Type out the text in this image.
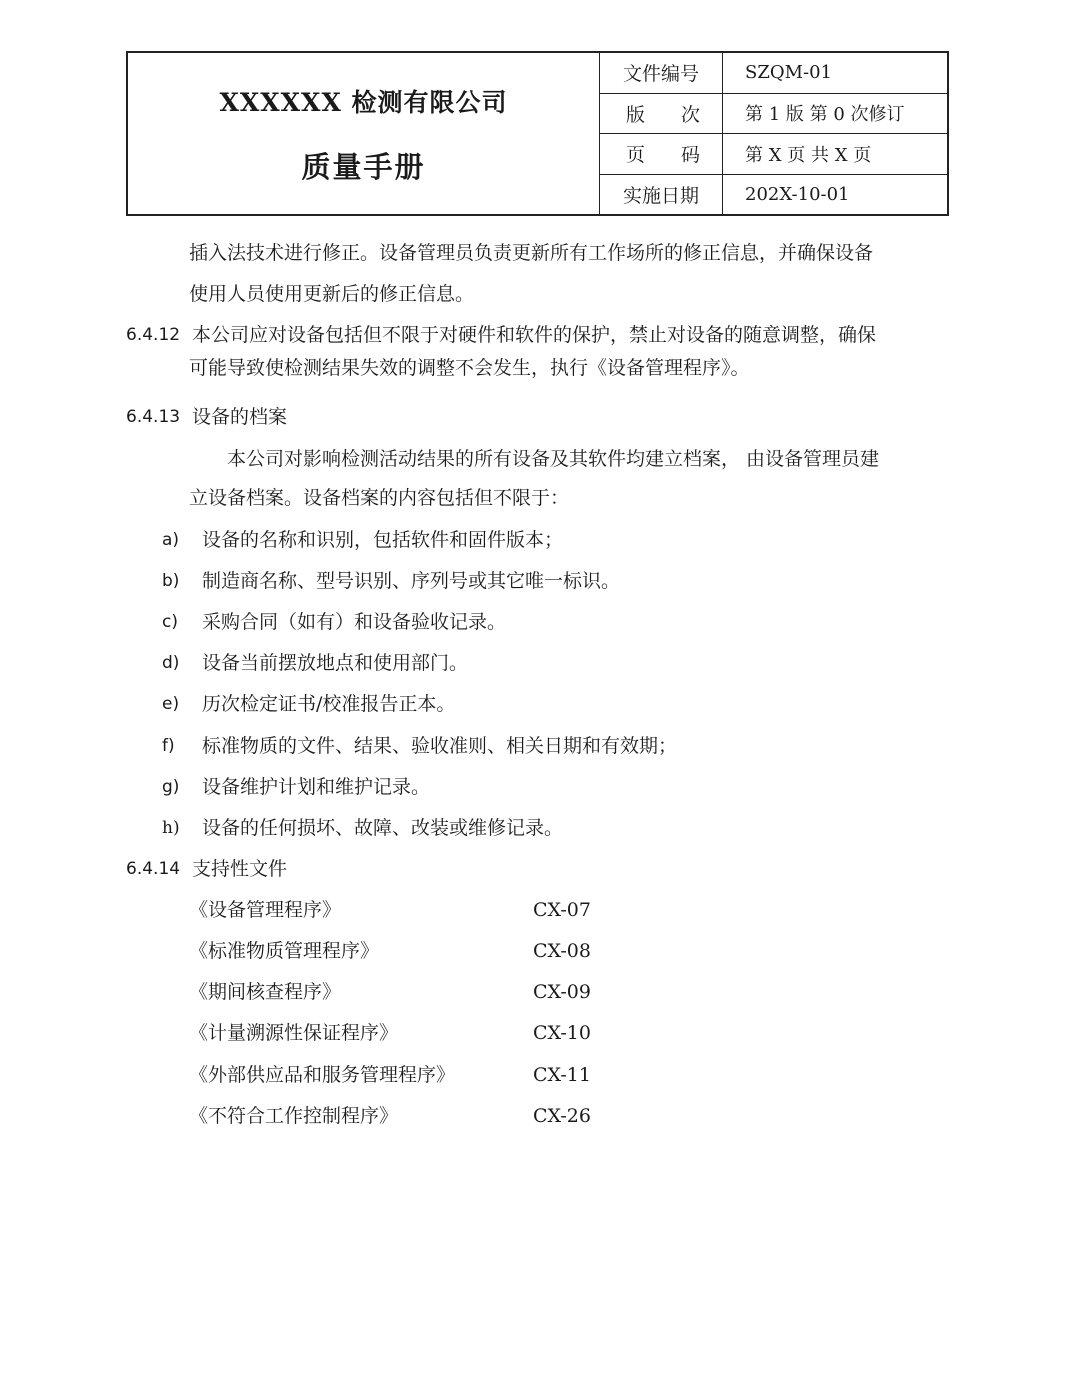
XXXXXX 检测有限公司
质量手册
文件编号	SZQM-01
版 次	第 1 版 第 0 次修订
页 码	第 X 页 共 X 页
实施日期	202X-10-01
插入法技术进行修正。设备管理员负责更新所有工作场所的修正信息，并确保设备
使用人员使用更新后的修正信息。
6.4.12 本公司应对设备包括但不限于对硬件和软件的保护，禁止对设备的随意调整，确保
可能导致使检测结果失效的调整不会发生，执行《设备管理程序》。
6.4.13 设备的档案
本公司对影响检测活动结果的所有设备及其软件均建立档案， 由设备管理员建
立设备档案。设备档案的内容包括但不限于：
a) 设备的名称和识别，包括软件和固件版本；
b) 制造商名称、型号识别、序列号或其它唯一标识。
c) 采购合同（如有）和设备验收记录。
d) 设备当前摆放地点和使用部门。
e) 历次检定证书/校准报告正本。
f) 标准物质的文件、结果、验收准则、相关日期和有效期；
g) 设备维护计划和维护记录。
h) 设备的任何损坏、故障、改装或维修记录。
6.4.14 支持性文件
《设备管理程序》	CX-07
《标准物质管理程序》	CX-08
《期间核查程序》	CX-09
《计量溯源性保证程序》	CX-10
《外部供应品和服务管理程序》	CX-11
《不符合工作控制程序》	CX-26
